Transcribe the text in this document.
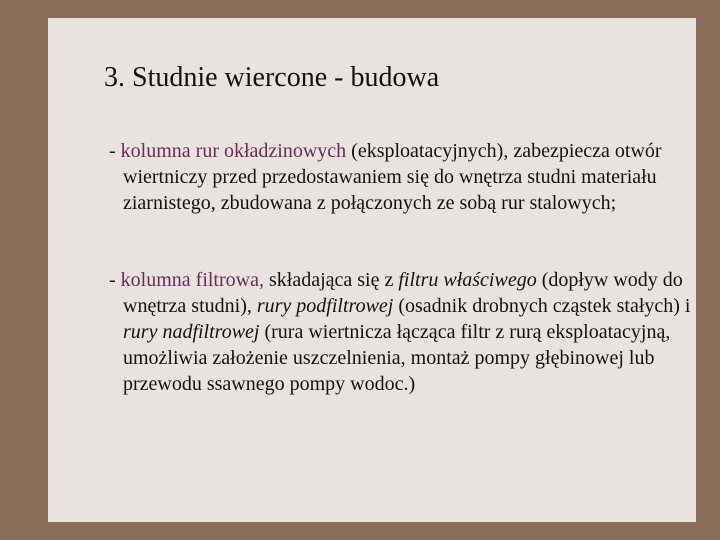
3. Studnie wiercone - budowa

- kolumna rur okładzinowych (eksploatacyjnych), zabezpiecza otwór wiertniczy przed przedostawaniem się do wnętrza studni materiału ziarnistego, zbudowana z połączonych ze sobą rur stalowych;

- kolumna filtrowa, składająca się z filtru właściwego (dopływ wody do wnętrza studni), rury podfiltrowej (osadnik drobnych cząstek stałych) i rury nadfiltrowej (rura wiertnicza łącząca filtr z rurą eksploatacyjną, umożliwia założenie uszczelnienia, montaż pompy głębinowej lub przewodu ssawnego pompy wodoc.)
